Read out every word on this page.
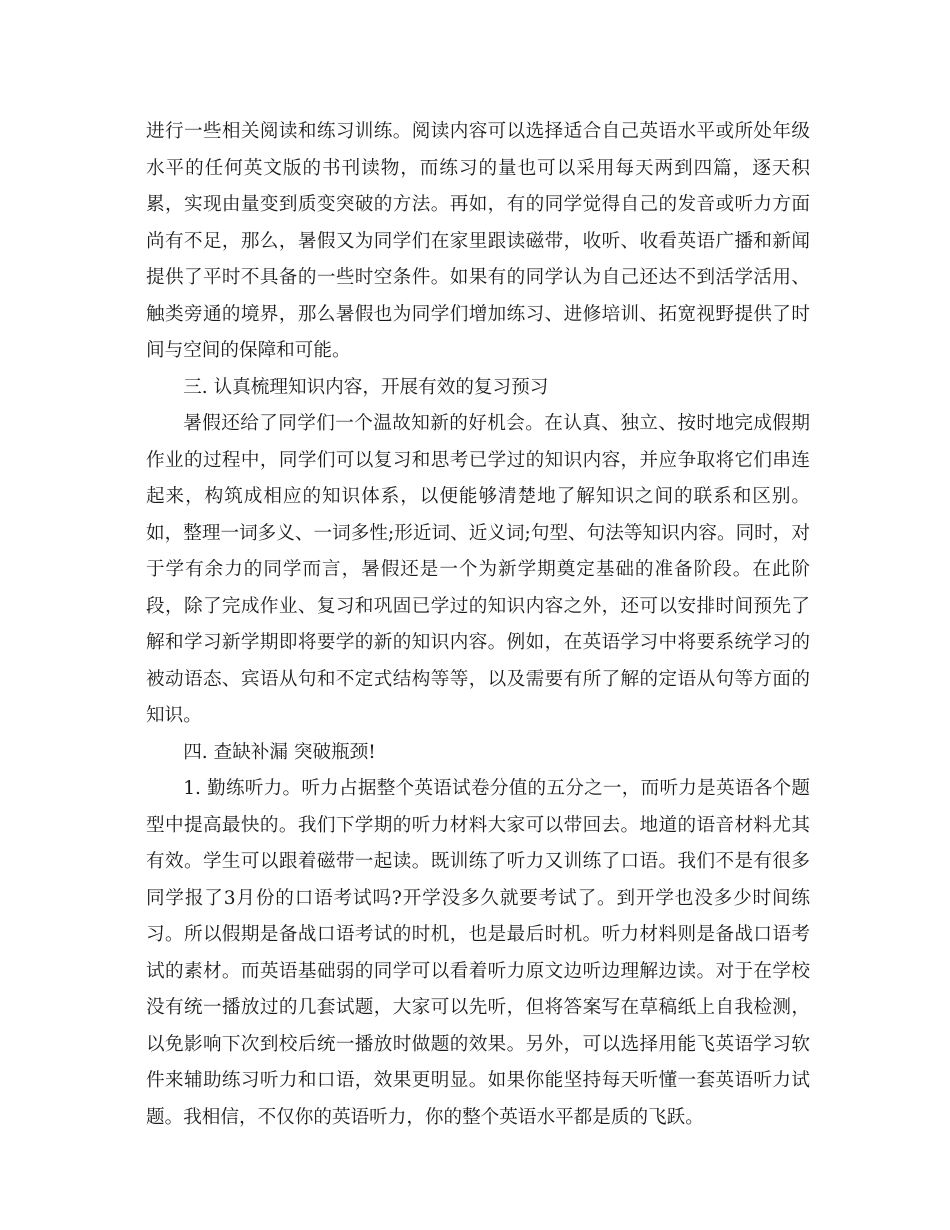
进行一些相关阅读和练习训练。阅读内容可以选择适合自己英语水平或所处年级水平的任何英文版的书刊读物，而练习的量也可以采用每天两到四篇，逐天积累，实现由量变到质变突破的方法。再如，有的同学觉得自己的发音或听力方面尚有不足，那么，暑假又为同学们在家里跟读磁带，收听、收看英语广播和新闻提供了平时不具备的一些时空条件。如果有的同学认为自己还达不到活学活用、触类旁通的境界，那么暑假也为同学们增加练习、进修培训、拓宽视野提供了时间与空间的保障和可能。

三. 认真梳理知识内容，开展有效的复习预习

暑假还给了同学们一个温故知新的好机会。在认真、独立、按时地完成假期作业的过程中，同学们可以复习和思考已学过的知识内容，并应争取将它们串连起来，构筑成相应的知识体系，以便能够清楚地了解知识之间的联系和区别。如，整理一词多义、一词多性;形近词、近义词;句型、句法等知识内容。同时，对于学有余力的同学而言，暑假还是一个为新学期奠定基础的准备阶段。在此阶段，除了完成作业、复习和巩固已学过的知识内容之外，还可以安排时间预先了解和学习新学期即将要学的新的知识内容。例如，在英语学习中将要系统学习的被动语态、宾语从句和不定式结构等等，以及需要有所了解的定语从句等方面的知识。

四. 查缺补漏 突破瓶颈!

1. 勤练听力。听力占据整个英语试卷分值的五分之一，而听力是英语各个题型中提高最快的。我们下学期的听力材料大家可以带回去。地道的语音材料尤其有效。学生可以跟着磁带一起读。既训练了听力又训练了口语。我们不是有很多同学报了3月份的口语考试吗?开学没多久就要考试了。到开学也没多少时间练习。所以假期是备战口语考试的时机，也是最后时机。听力材料则是备战口语考试的素材。而英语基础弱的同学可以看着听力原文边听边理解边读。对于在学校没有统一播放过的几套试题，大家可以先听，但将答案写在草稿纸上自我检测，以免影响下次到校后统一播放时做题的效果。另外，可以选择用能飞英语学习软件来辅助练习听力和口语，效果更明显。如果你能坚持每天听懂一套英语听力试题。我相信，不仅你的英语听力，你的整个英语水平都是质的飞跃。
